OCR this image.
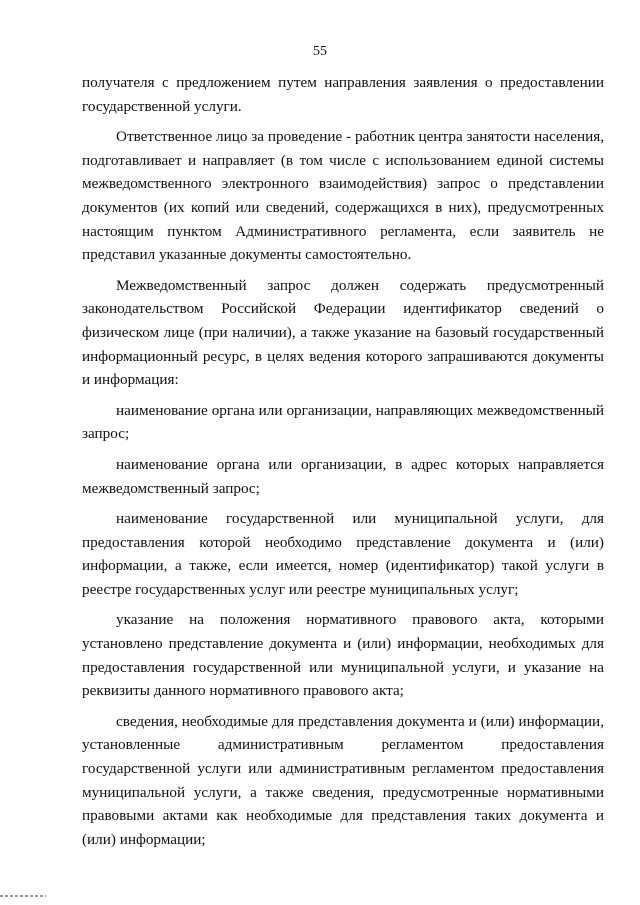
55

получателя с предложением путем направления заявления о предоставлении государственной услуги.

Ответственное лицо за проведение - работник центра занятости населения, подготавливает и направляет (в том числе с использованием единой системы межведомственного электронного взаимодействия) запрос о представлении документов (их копий или сведений, содержащихся в них), предусмотренных настоящим пунктом Административного регламента, если заявитель не представил указанные документы самостоятельно.

Межведомственный запрос должен содержать предусмотренный законодательством Российской Федерации идентификатор сведений о физическом лице (при наличии), а также указание на базовый государственный информационный ресурс, в целях ведения которого запрашиваются документы и информация:

наименование органа или организации, направляющих межведомственный запрос;

наименование органа или организации, в адрес которых направляется межведомственный запрос;

наименование государственной или муниципальной услуги, для предоставления которой необходимо представление документа и (или) информации, а также, если имеется, номер (идентификатор) такой услуги в реестре государственных услуг или реестре муниципальных услуг;

указание на положения нормативного правового акта, которыми установлено представление документа и (или) информации, необходимых для предоставления государственной или муниципальной услуги, и указание на реквизиты данного нормативного правового акта;

сведения, необходимые для представления документа и (или) информации, установленные административным регламентом предоставления государственной услуги или административным регламентом предоставления муниципальной услуги, а также сведения, предусмотренные нормативными правовыми актами как необходимые для представления таких документа и (или) информации;
